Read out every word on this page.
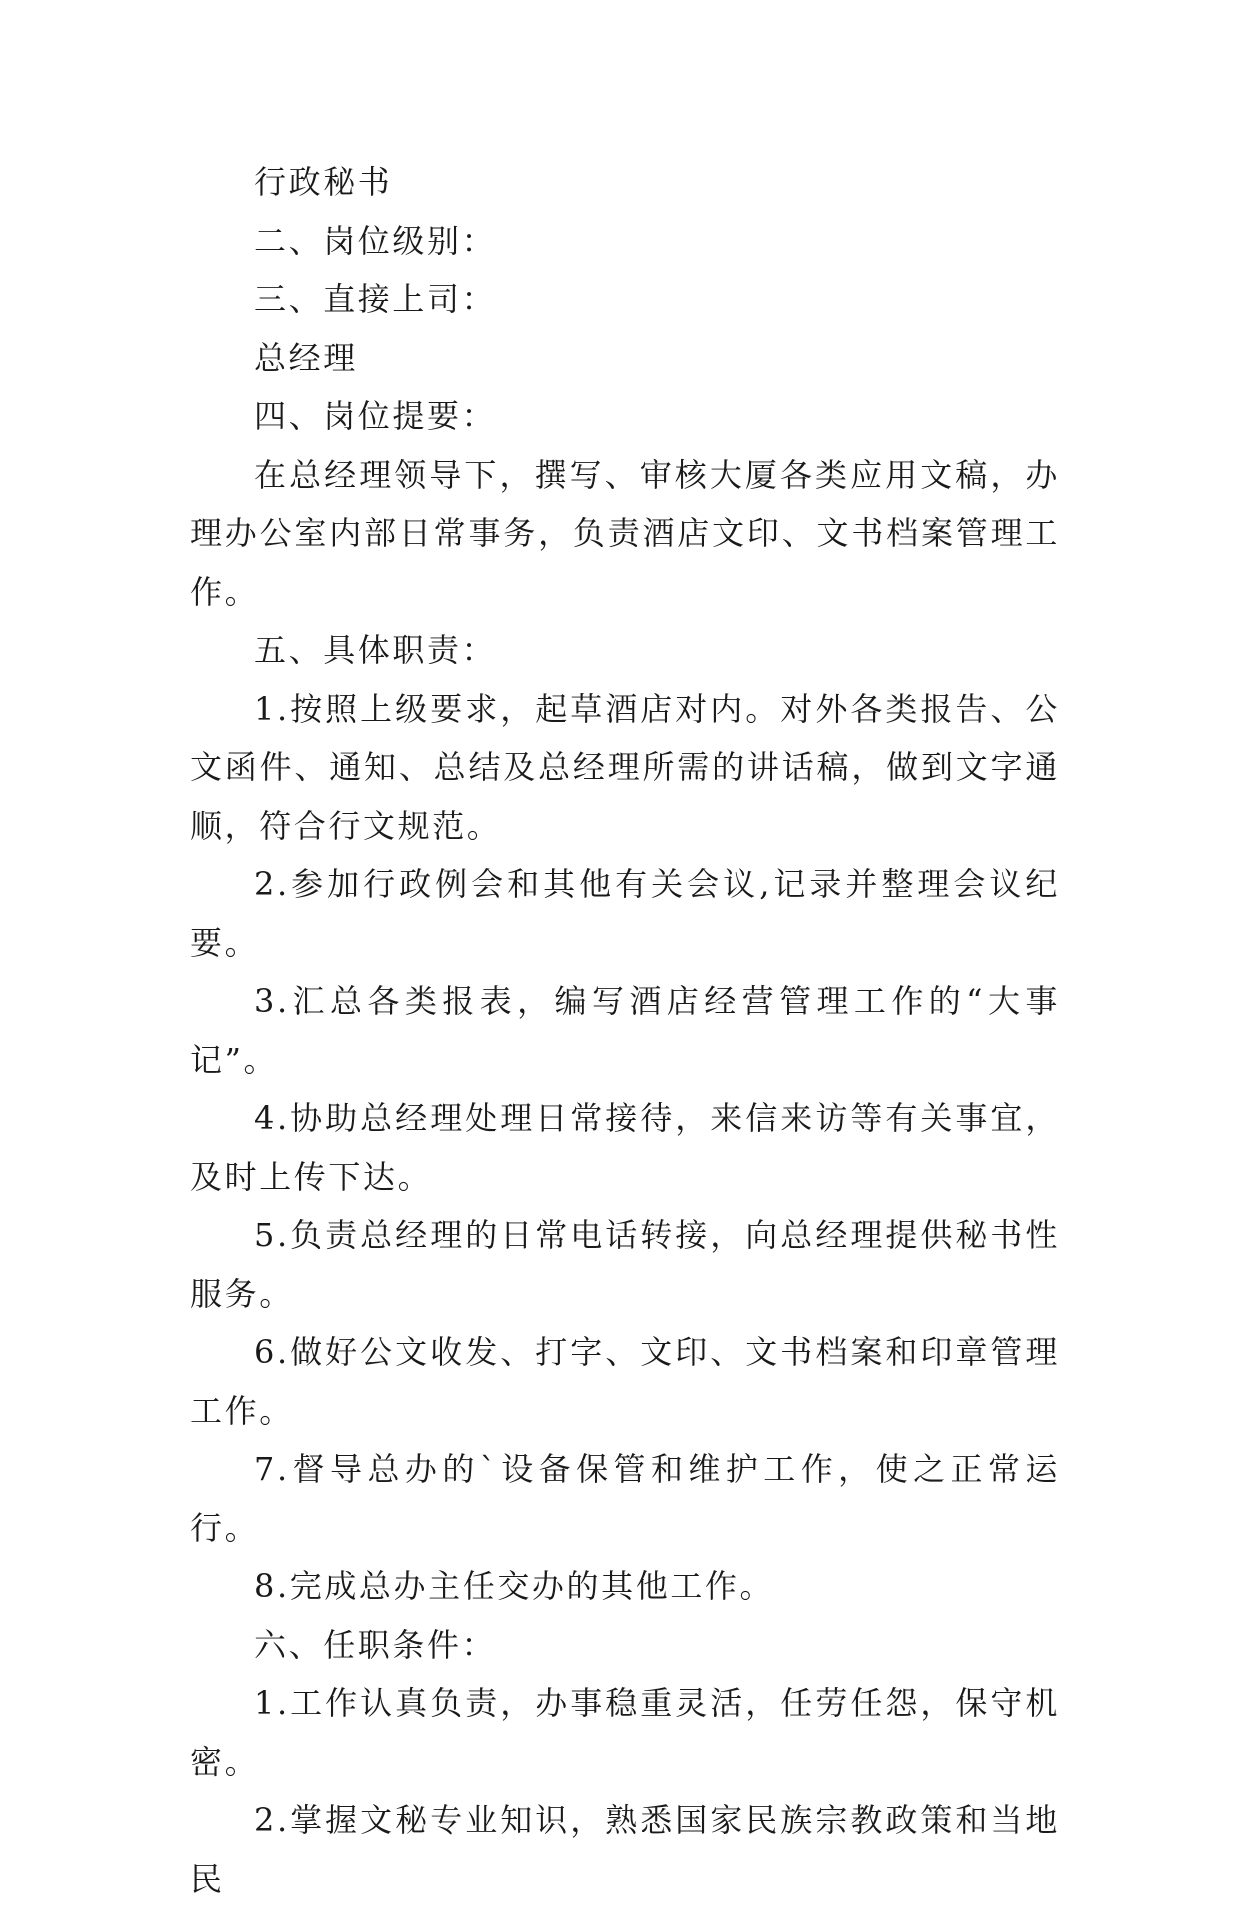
行政秘书

二、岗位级别：

三、直接上司：

总经理

四、岗位提要：

在总经理领导下，撰写、审核大厦各类应用文稿，办理办公室内部日常事务，负责酒店文印、文书档案管理工作。

五、具体职责：

1.按照上级要求，起草酒店对内。对外各类报告、公文函件、通知、总结及总经理所需的讲话稿，做到文字通顺，符合行文规范。

2.参加行政例会和其他有关会议,记录并整理会议纪要。

3.汇总各类报表，编写酒店经营管理工作的“大事记”。

4.协助总经理处理日常接待，来信来访等有关事宜，及时上传下达。

5.负责总经理的日常电话转接，向总经理提供秘书性服务。

6.做好公文收发、打字、文印、文书档案和印章管理工作。

7.督导总办的`设备保管和维护工作，使之正常运行。

8.完成总办主任交办的其他工作。

六、任职条件：

1.工作认真负责，办事稳重灵活，任劳任怨，保守机密。

2.掌握文秘专业知识，熟悉国家民族宗教政策和当地民
